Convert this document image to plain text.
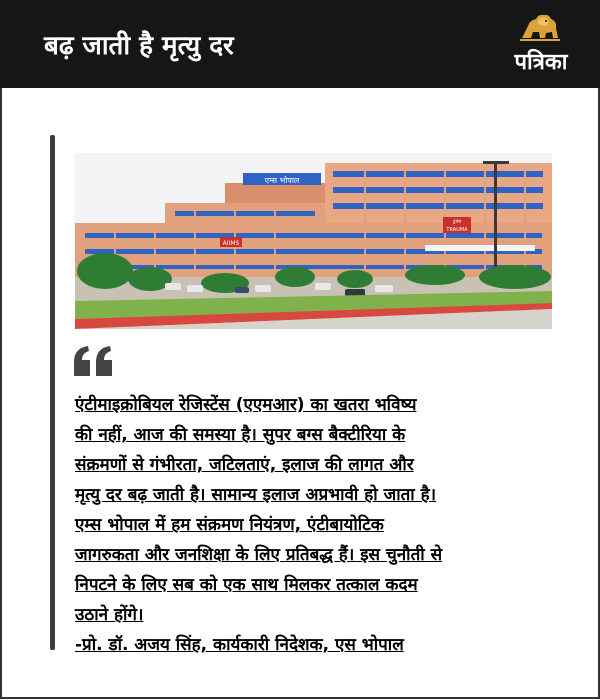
बढ़ जाती है मृत्यु दर
पत्रिका
एम्स भोपाल
AIIMS
ट्रामा
TRAUMA
एंटीमाइक्रोबियल रेजिस्टेंस (एएमआर) का खतरा भविष्य
की नहीं, आज की समस्या है। सुपर बग्स बैक्टीरिया के
संक्रमणों से गंभीरता, जटिलताएं, इलाज की लागत और
मृत्यु दर बढ़ जाती है। सामान्य इलाज अप्रभावी हो जाता है।
एम्स भोपाल में हम संक्रमण नियंत्रण, एंटीबायोटिक
जागरुकता और जनशिक्षा के लिए प्रतिबद्ध हैं। इस चुनौती से
निपटने के लिए सब को एक साथ मिलकर तत्काल कदम
उठाने होंगे।
-प्रो. डॉ. अजय सिंह, कार्यकारी निदेशक, एस भोपाल
